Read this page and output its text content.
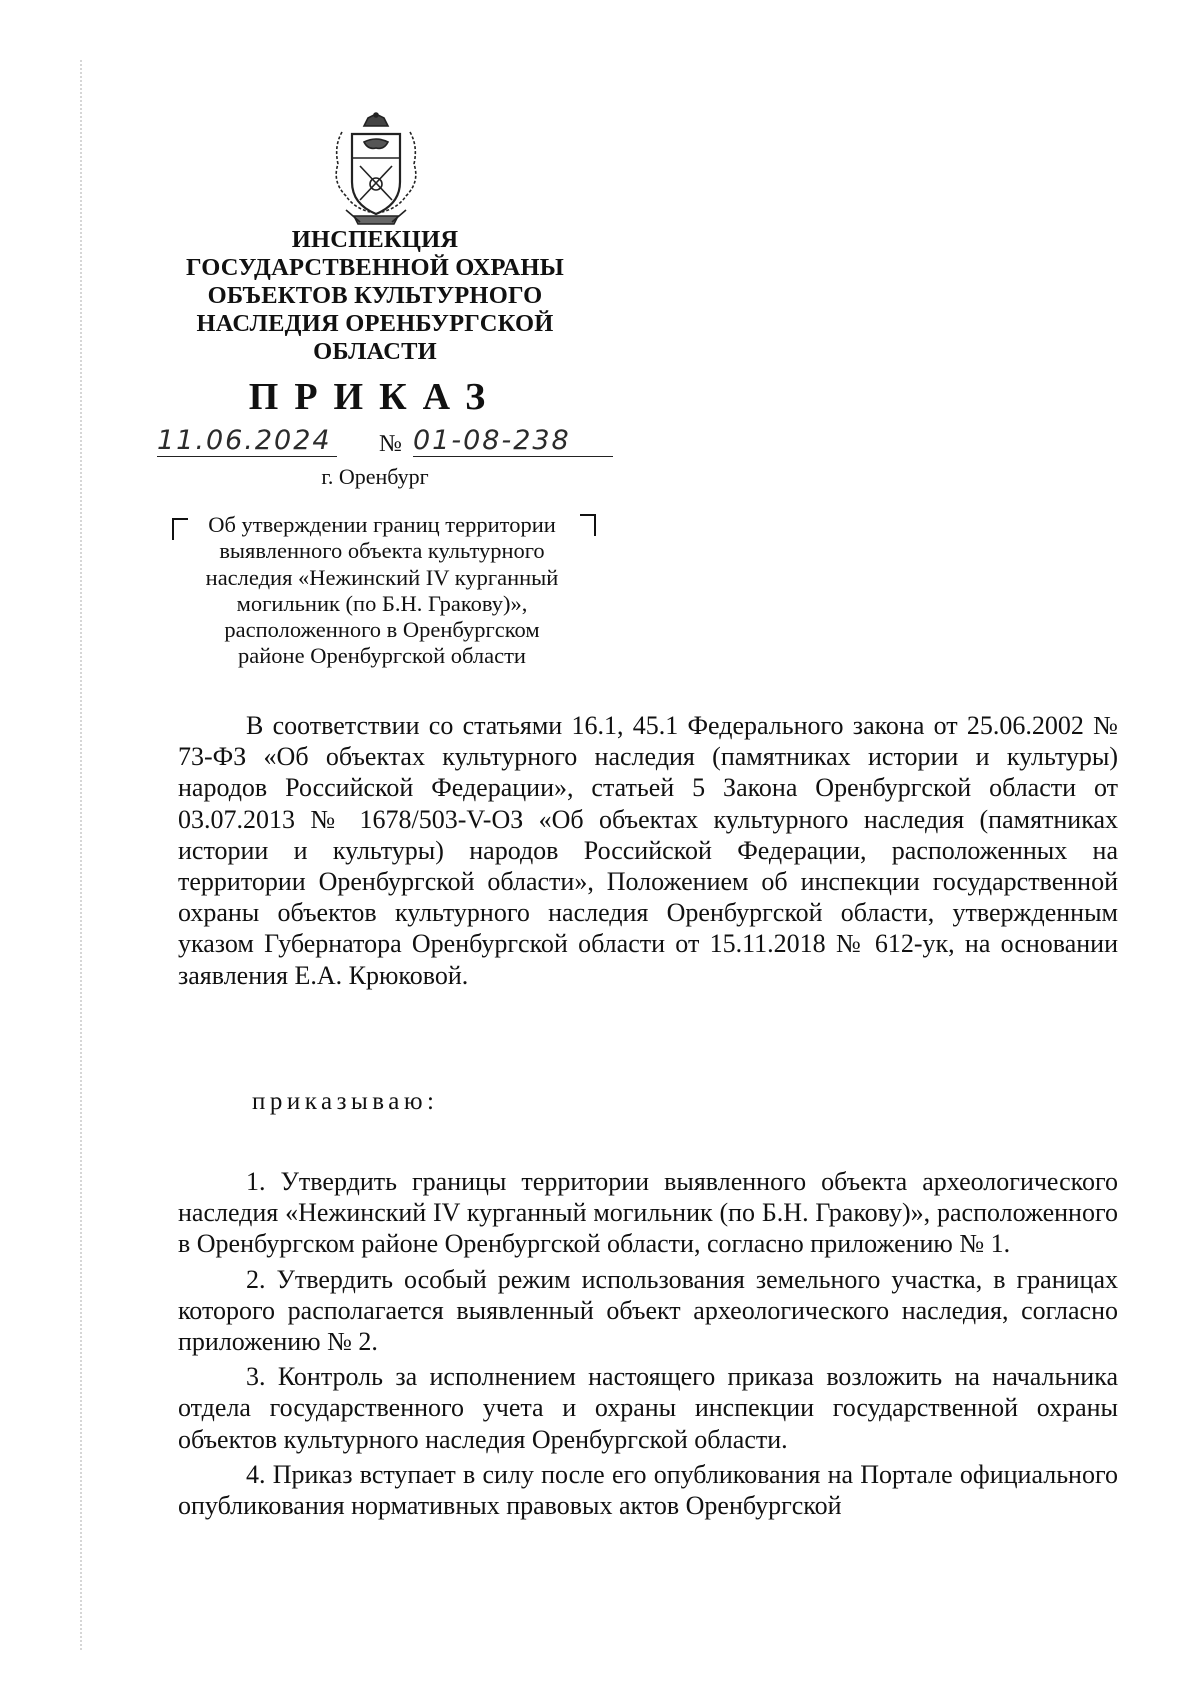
ИНСПЕКЦИЯ
ГОСУДАРСТВЕННОЙ ОХРАНЫ
ОБЪЕКТОВ КУЛЬТУРНОГО
НАСЛЕДИЯ ОРЕНБУРГСКОЙ
ОБЛАСТИ
ПРИКАЗ
11.06.2024 № 01-08-238
г. Оренбург
Об утверждении границ территории
выявленного объекта культурного
наследия «Нежинский IV курганный
могильник (по Б.Н. Гракову)»,
расположенного в Оренбургском
районе Оренбургской области

В соответствии со статьями 16.1, 45.1 Федерального закона от 25.06.2002 № 73-ФЗ «Об объектах культурного наследия (памятниках истории и культуры) народов Российской Федерации», статьей 5 Закона Оренбургской области от 03.07.2013 № 1678/503-V-ОЗ «Об объектах культурного наследия (памятниках истории и культуры) народов Российской Федерации, расположенных на территории Оренбургской области», Положением об инспекции государственной охраны объектов культурного наследия Оренбургской области, утвержденным указом Губернатора Оренбургской области от 15.11.2018 № 612-ук, на основании заявления Е.А. Крюковой.

приказываю:

1. Утвердить границы территории выявленного объекта археологического наследия «Нежинский IV курганный могильник (по Б.Н. Гракову)», расположенного в Оренбургском районе Оренбургской области, согласно приложению № 1.

2. Утвердить особый режим использования земельного участка, в границах которого располагается выявленный объект археологического наследия, согласно приложению № 2.

3. Контроль за исполнением настоящего приказа возложить на начальника отдела государственного учета и охраны инспекции государственной охраны объектов культурного наследия Оренбургской области.

4. Приказ вступает в силу после его опубликования на Портале официального опубликования нормативных правовых актов Оренбургской
